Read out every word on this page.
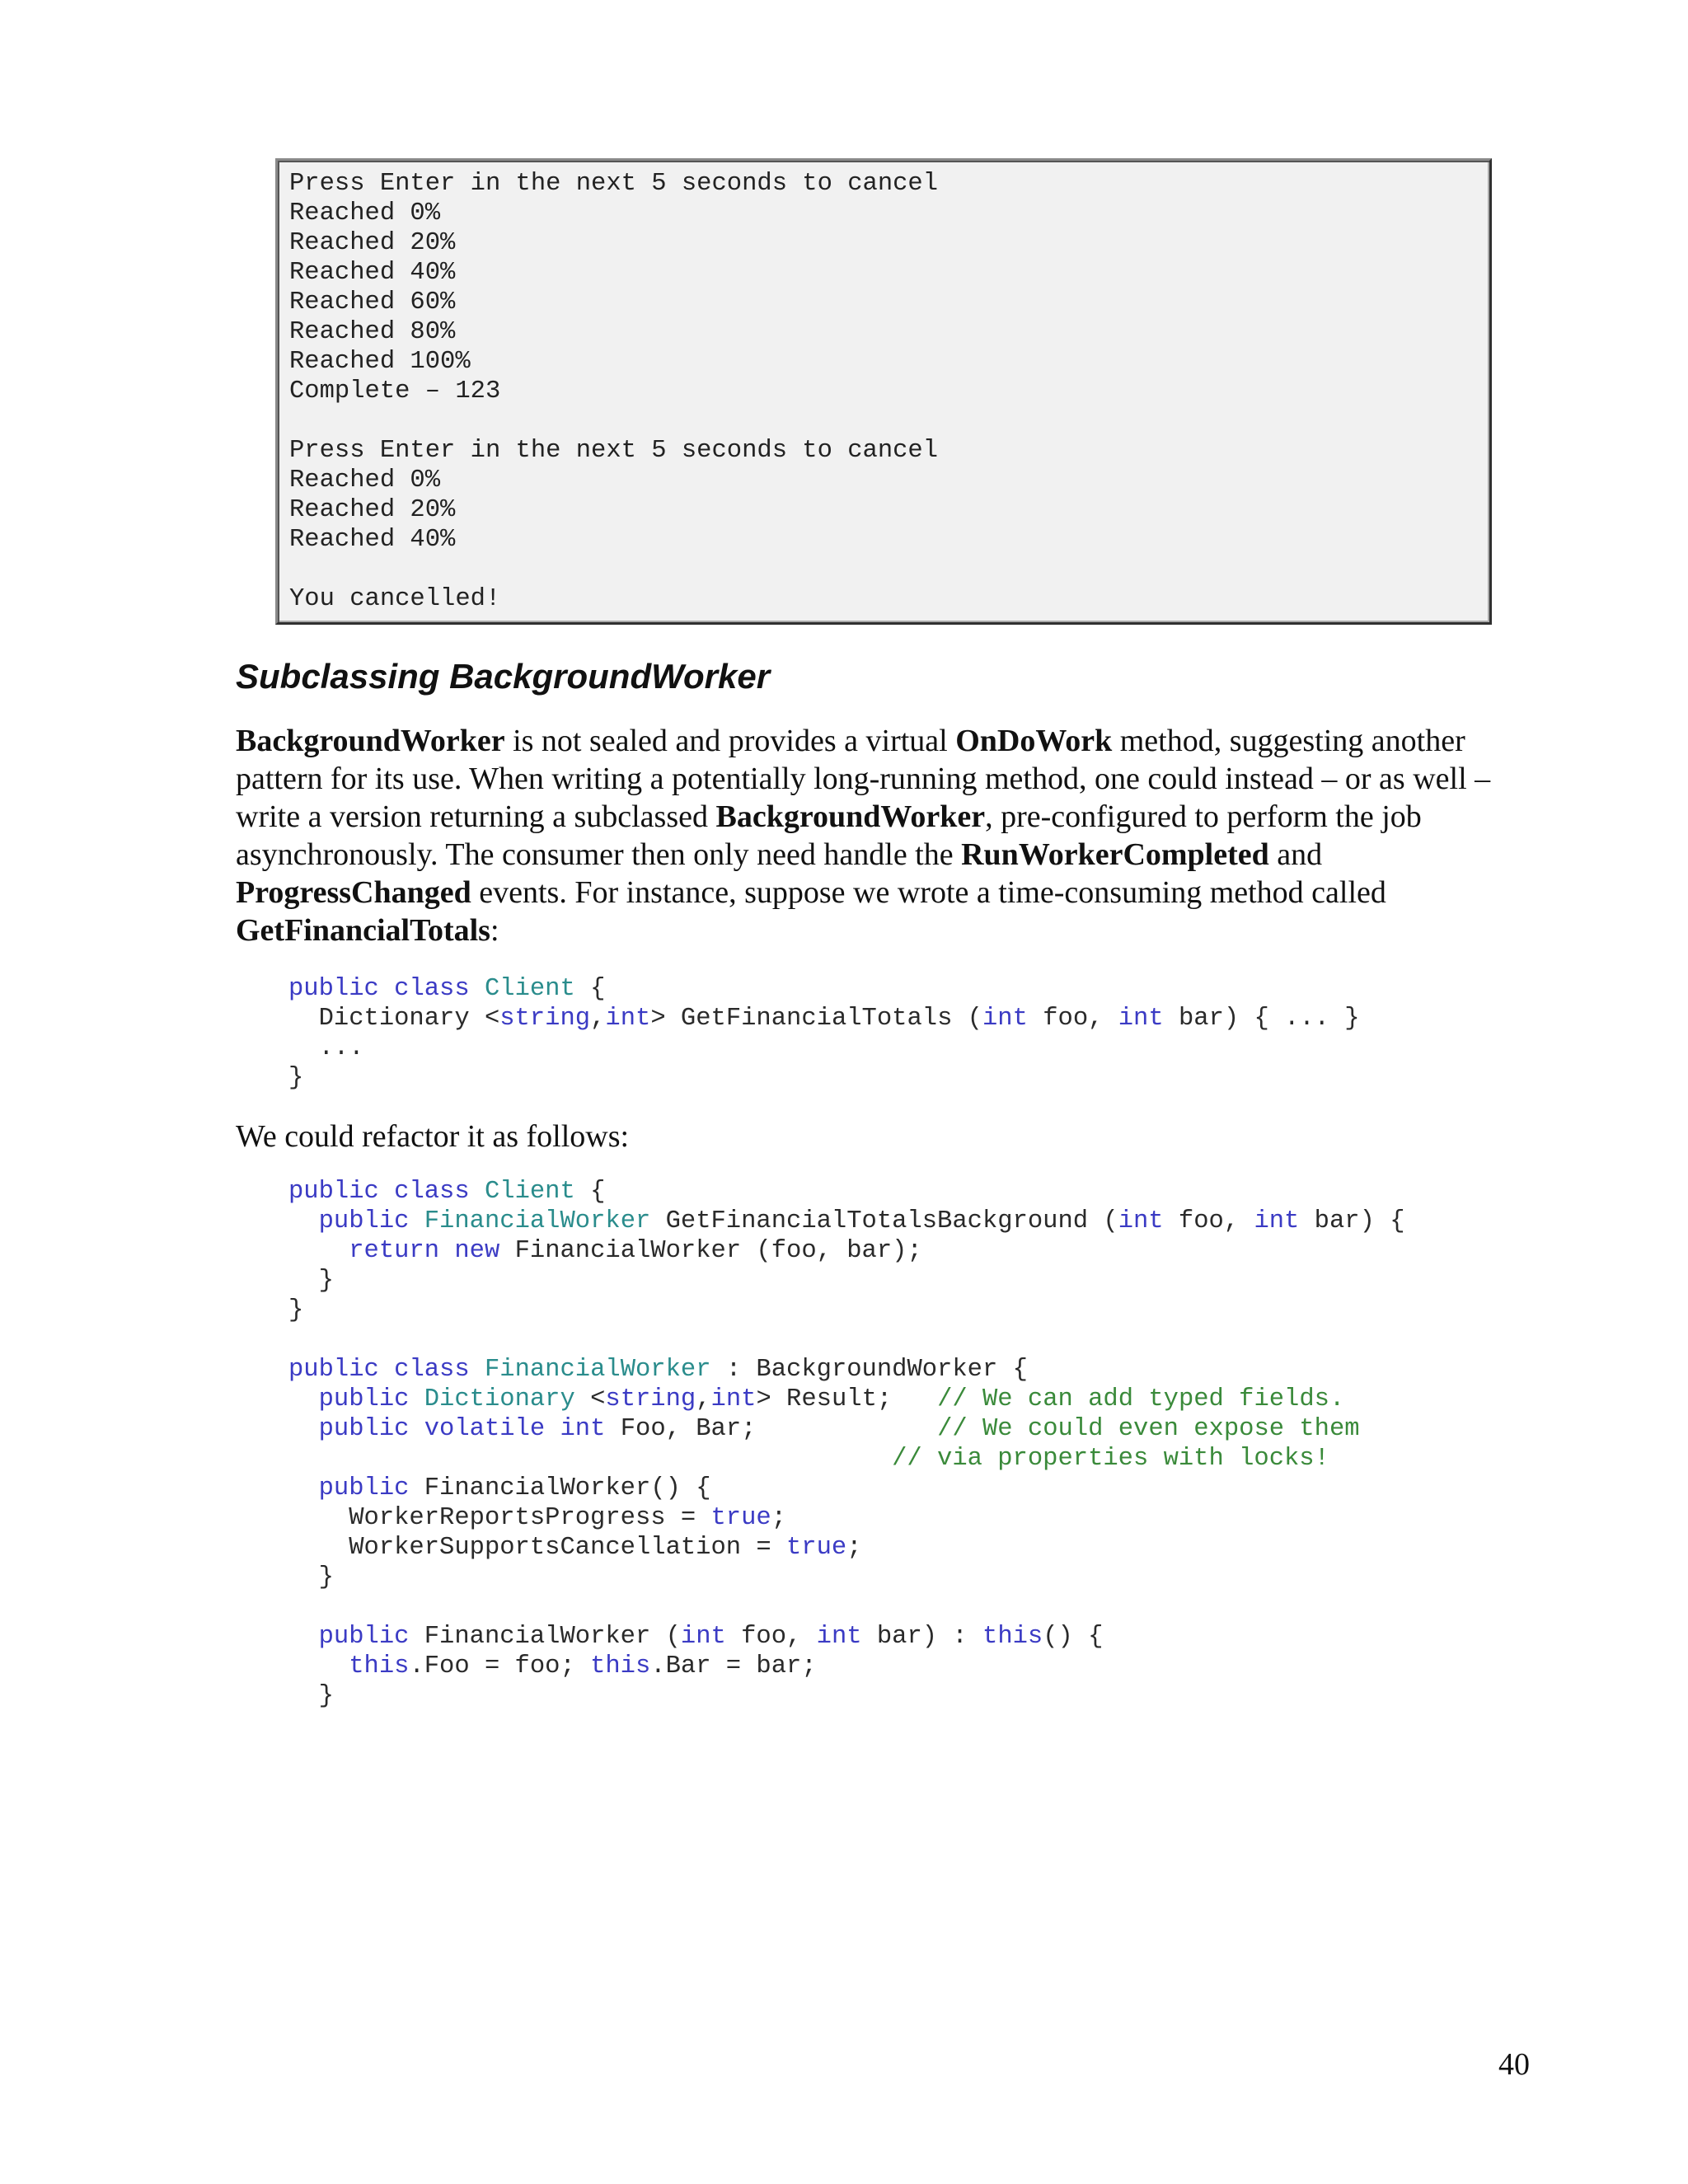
Press Enter in the next 5 seconds to cancel
Reached 0%
Reached 20%
Reached 40%
Reached 60%
Reached 80%
Reached 100%
Complete – 123

Press Enter in the next 5 seconds to cancel
Reached 0%
Reached 20%
Reached 40%

You cancelled!

Subclassing BackgroundWorker

BackgroundWorker is not sealed and provides a virtual OnDoWork method, suggesting another pattern for its use. When writing a potentially long-running method, one could instead – or as well – write a version returning a subclassed BackgroundWorker, pre-configured to perform the job asynchronously. The consumer then only need handle the RunWorkerCompleted and ProgressChanged events. For instance, suppose we wrote a time-consuming method called GetFinancialTotals:

public class Client {
Dictionary <string,int> GetFinancialTotals (int foo, int bar) { ... }
...
}

We could refactor it as follows:

public class Client {
public FinancialWorker GetFinancialTotalsBackground (int foo, int bar) {
return new FinancialWorker (foo, bar);
}
}

public class FinancialWorker : BackgroundWorker {
public Dictionary <string,int> Result;   // We can add typed fields.
public volatile int Foo, Bar;            // We could even expose them
// via properties with locks!
public FinancialWorker() {
WorkerReportsProgress = true;
WorkerSupportsCancellation = true;
}

public FinancialWorker (int foo, int bar) : this() {
this.Foo = foo; this.Bar = bar;
}

40
